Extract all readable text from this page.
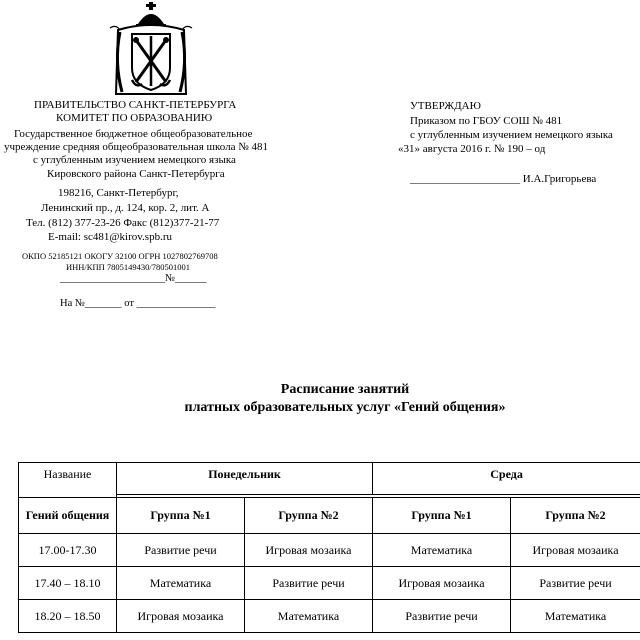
ПРАВИТЕЛЬСТВО САНКТ-ПЕТЕРБУРГА
КОМИТЕТ ПО ОБРАЗОВАНИЮ
Государственное бюджетное общеобразовательное
учреждение средняя общеобразовательная школа № 481
с углубленным изучением немецкого языка
Кировского района Санкт-Петербурга
198216, Санкт-Петербург,
Ленинский пр., д. 124, кор. 2, лит. А
Тел. (812) 377-23-26 Факс (812)377-21-77
E-mail: sc481@kirov.spb.ru
ОКПО 52185121 ОКОГУ 32100 ОГРН 1027802769708
ИНН/КПП 7805149430/780501001
____________________№______
На №_______ от _______________
УТВЕРЖДАЮ
Приказом по ГБОУ СОШ № 481
с углубленным изучением немецкого языка
«31» августа 2016 г. № 190 – од
____________________ И.А.Григорьева
Расписание занятий
платных образовательных услуг «Гений общения»
Название	Понедельник		Среда	

Гений общения	Группа №1	Группа №2	Группа №1	Группа №2
17.00-17.30	Развитие речи	Игровая мозаика	Математика	Игровая мозаика
17.40 – 18.10	Математика	Развитие речи	Игровая мозаика	Развитие речи
18.20 – 18.50	Игровая мозаика	Математика	Развитие речи	Математика
